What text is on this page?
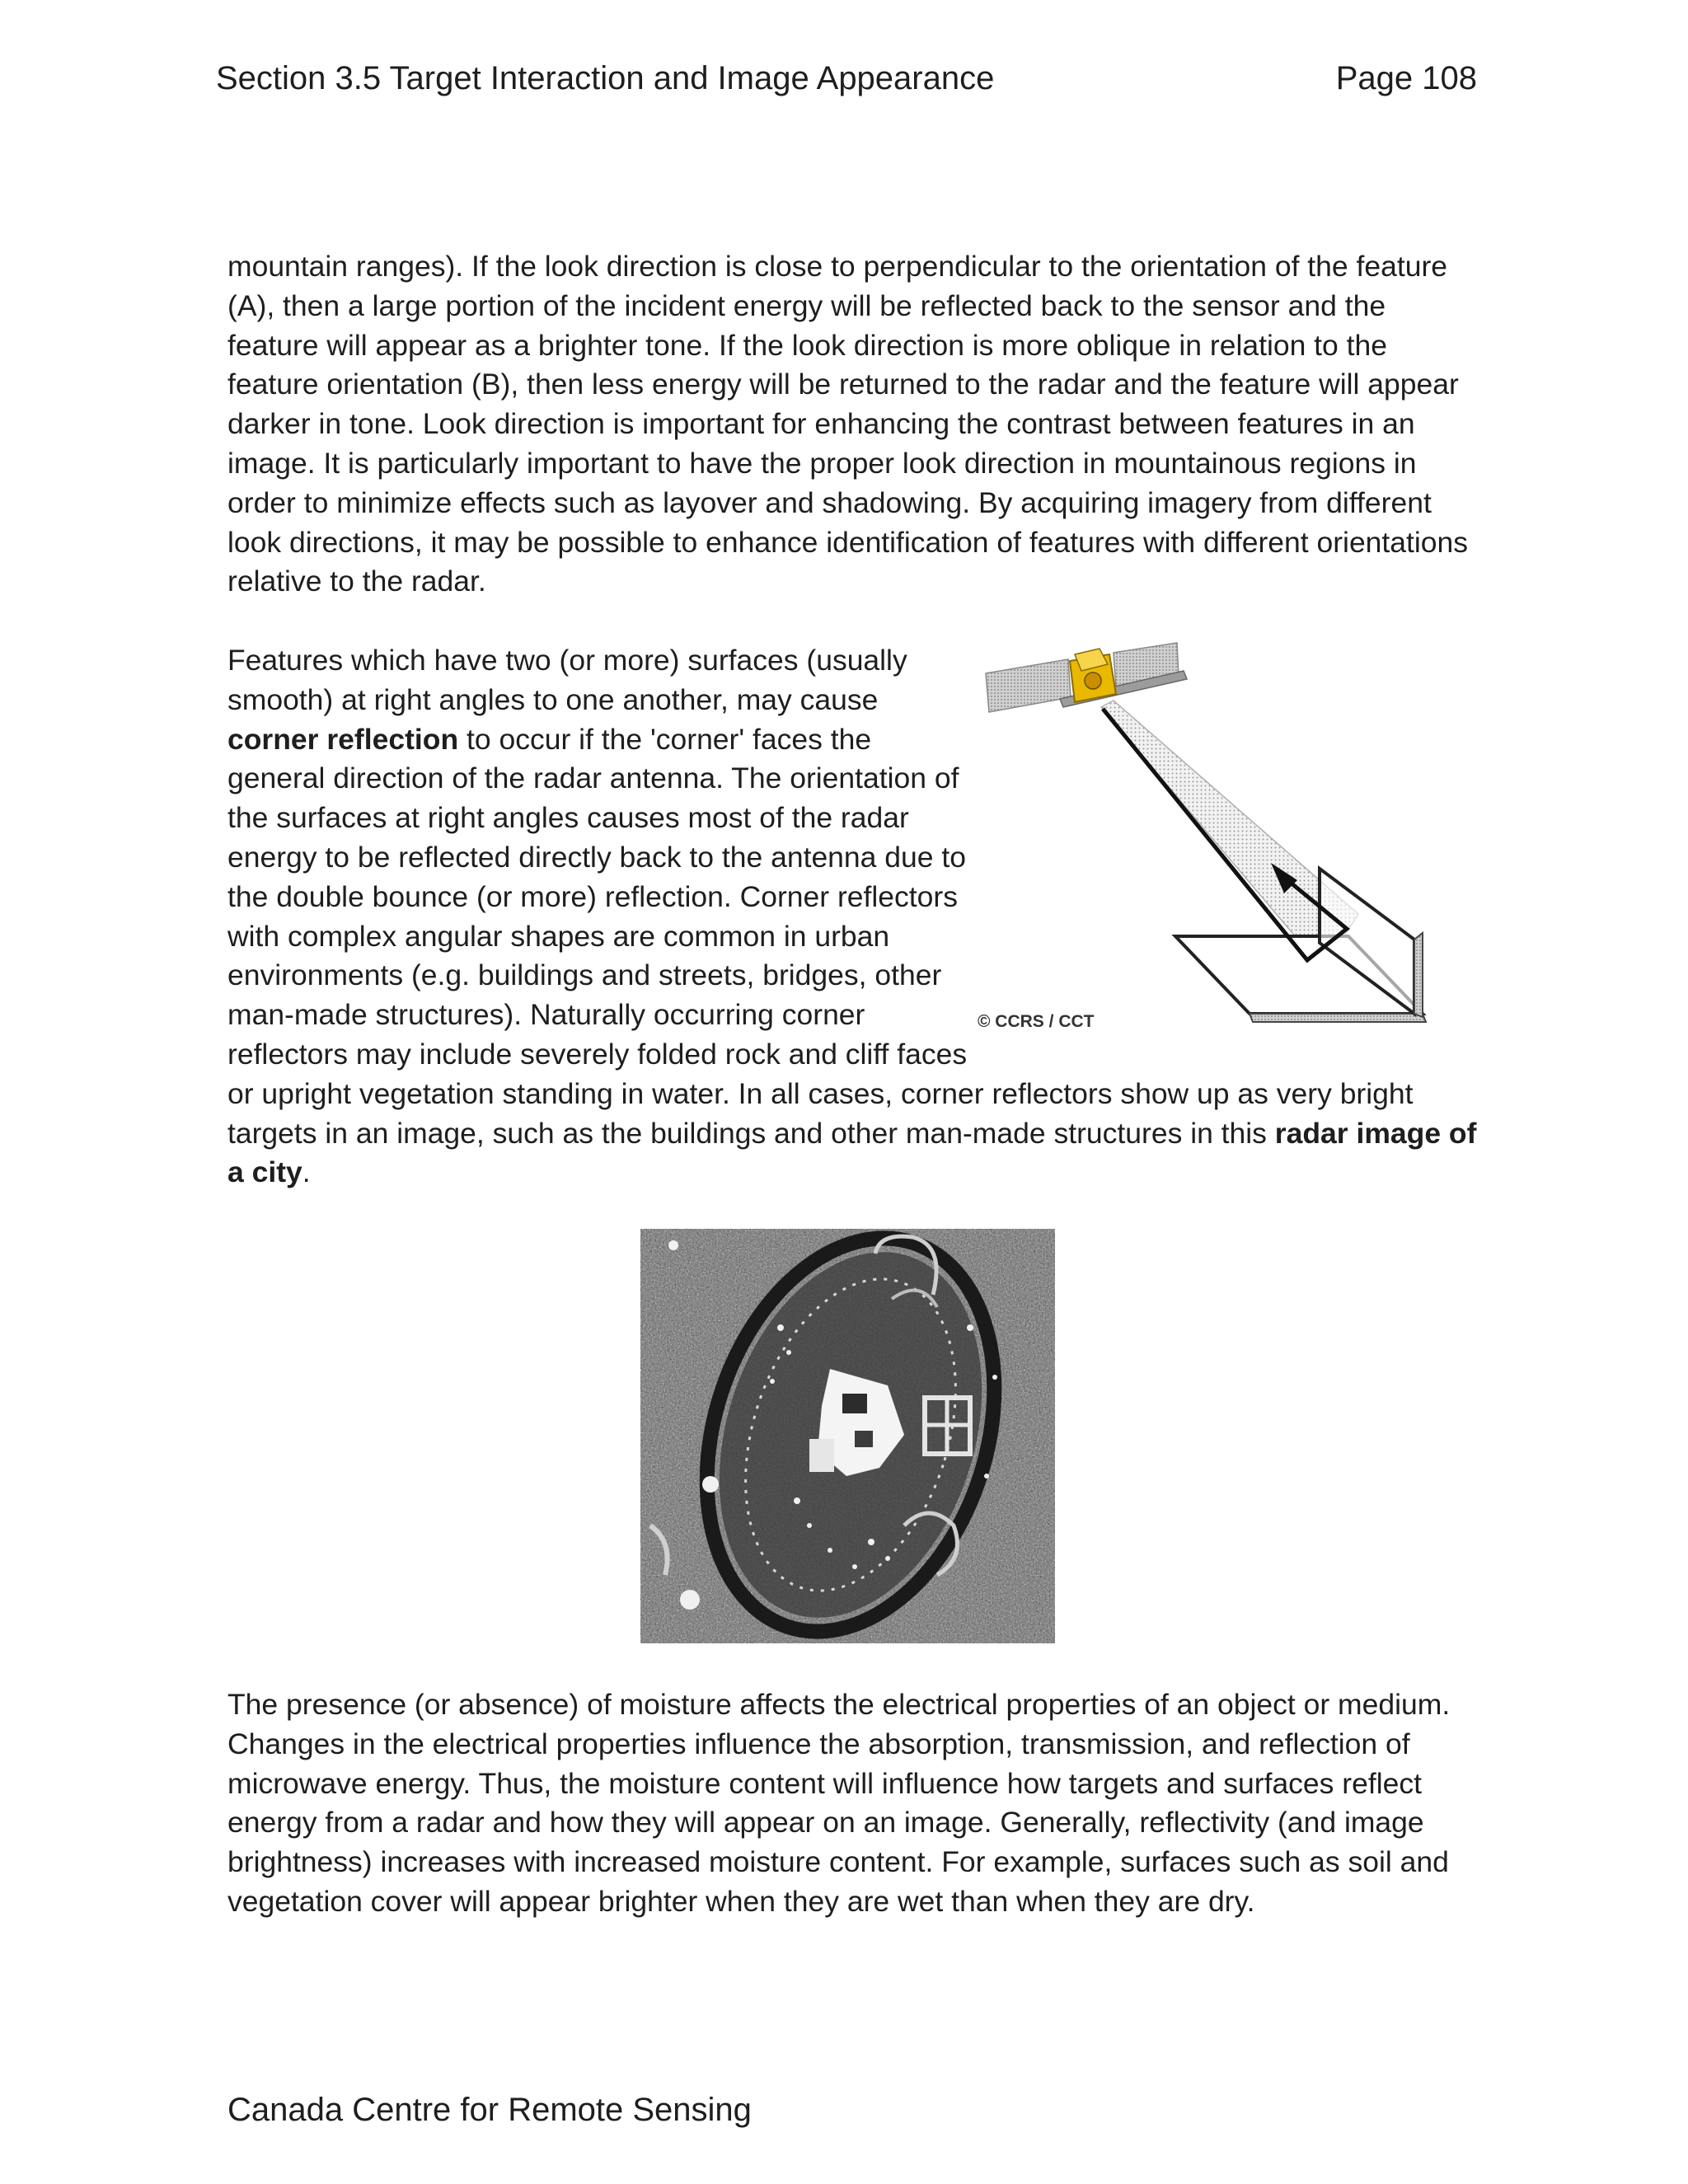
Section 3.5 Target Interaction and Image Appearance	Page 108

mountain ranges). If the look direction is close to perpendicular to the orientation of the feature (A), then a large portion of the incident energy will be reflected back to the sensor and the feature will appear as a brighter tone. If the look direction is more oblique in relation to the feature orientation (B), then less energy will be returned to the radar and the feature will appear darker in tone. Look direction is important for enhancing the contrast between features in an image. It is particularly important to have the proper look direction in mountainous regions in order to minimize effects such as layover and shadowing. By acquiring imagery from different look directions, it may be possible to enhance identification of features with different orientations relative to the radar.

© CCRS / CCT
Features which have two (or more) surfaces (usually smooth) at right angles to one another, may cause corner reflection to occur if the 'corner' faces the general direction of the radar antenna. The orientation of the surfaces at right angles causes most of the radar energy to be reflected directly back to the antenna due to the double bounce (or more) reflection. Corner reflectors with complex angular shapes are common in urban environments (e.g. buildings and streets, bridges, other man-made structures). Naturally occurring corner reflectors may include severely folded rock and cliff faces or upright vegetation standing in water. In all cases, corner reflectors show up as very bright targets in an image, such as the buildings and other man-made structures in this radar image of a city.

The presence (or absence) of moisture affects the electrical properties of an object or medium. Changes in the electrical properties influence the absorption, transmission, and reflection of microwave energy. Thus, the moisture content will influence how targets and surfaces reflect energy from a radar and how they will appear on an image. Generally, reflectivity (and image brightness) increases with increased moisture content. For example, surfaces such as soil and vegetation cover will appear brighter when they are wet than when they are dry.

Canada Centre for Remote Sensing
